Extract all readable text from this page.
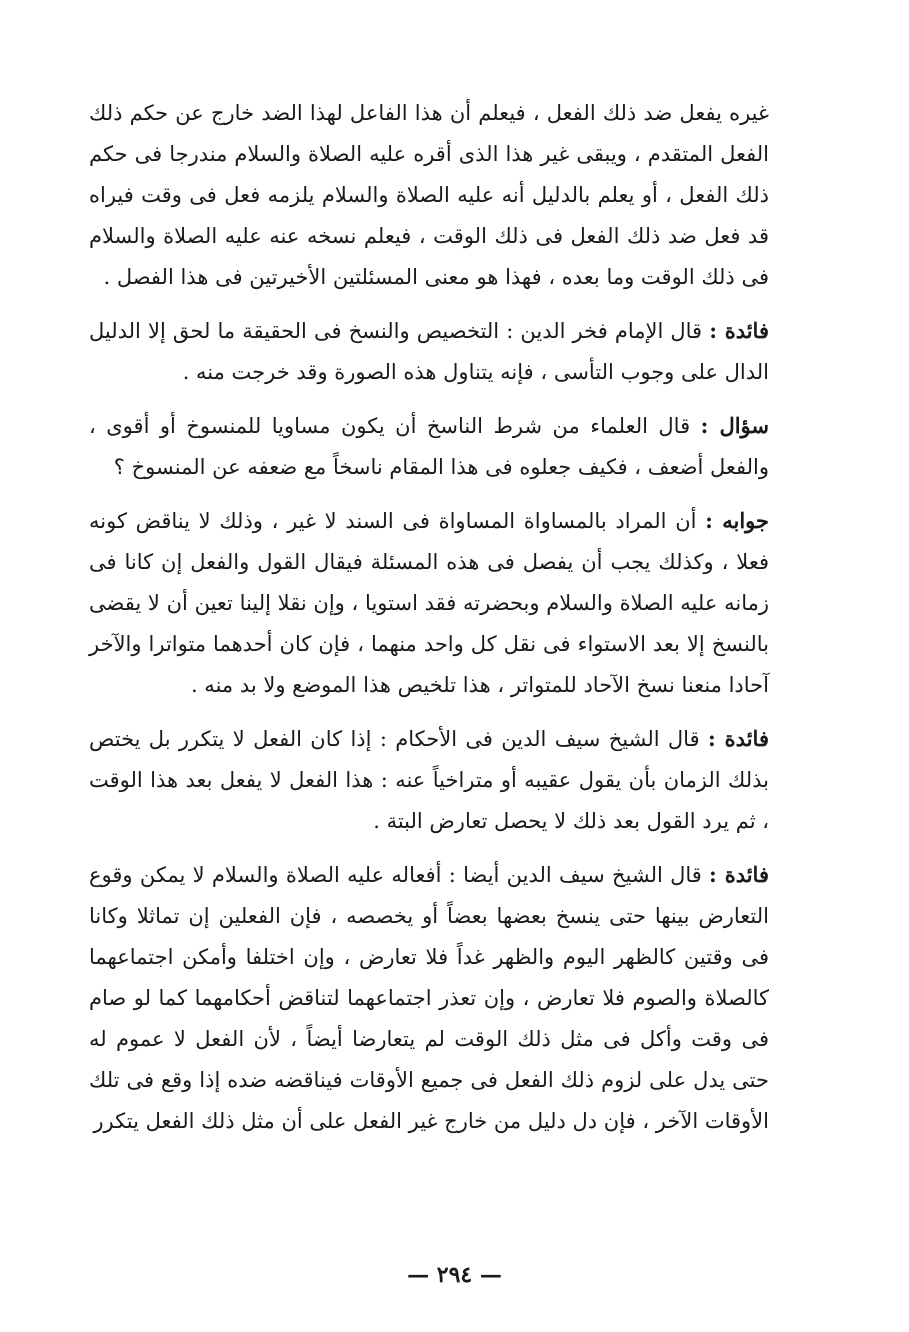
غيره يفعل ضد ذلك الفعل ، فيعلم أن هذا الفاعل لهذا الضد خارج عن حكم ذلك الفعل المتقدم ، ويبقى غير هذا الذى أقره عليه الصلاة والسلام مندرجا فى حكم ذلك الفعل ، أو يعلم بالدليل أنه عليه الصلاة والسلام يلزمه فعل فى وقت فيراه قد فعل ضد ذلك الفعل فى ذلك الوقت ، فيعلم نسخه عنه عليه الصلاة والسلام فى ذلك الوقت وما بعده ، فهذا هو معنى المسئلتين الأخيرتين فى هذا الفصل .

فائدة : قال الإمام فخر الدين : التخصيص والنسخ فى الحقيقة ما لحق إلا الدليل الدال على وجوب التأسى ، فإنه يتناول هذه الصورة وقد خرجت منه .

سؤال : قال العلماء من شرط الناسخ أن يكون مساويا للمنسوخ أو أقوى ، والفعل أضعف ، فكيف جعلوه فى هذا المقام ناسخاً مع ضعفه عن المنسوخ ؟

جوابه : أن المراد بالمساواة المساواة فى السند لا غير ، وذلك لا يناقض كونه فعلا ، وكذلك يجب أن يفصل فى هذه المسئلة فيقال القول والفعل إن كانا فى زمانه عليه الصلاة والسلام وبحضرته فقد استويا ، وإن نقلا إلينا تعين أن لا يقضى بالنسخ إلا بعد الاستواء فى نقل كل واحد منهما ، فإن كان أحدهما متواترا والآخر آحادا منعنا نسخ الآحاد للمتواتر ، هذا تلخيص هذا الموضع ولا بد منه .

فائدة : قال الشيخ سيف الدين فى الأحكام : إذا كان الفعل لا يتكرر بل يختص بذلك الزمان بأن يقول عقيبه أو متراخياً عنه : هذا الفعل لا يفعل بعد هذا الوقت ، ثم يرد القول بعد ذلك لا يحصل تعارض البتة .

فائدة : قال الشيخ سيف الدين أيضا : أفعاله عليه الصلاة والسلام لا يمكن وقوع التعارض بينها حتى ينسخ بعضها بعضاً أو يخصصه ، فإن الفعلين إن تماثلا وكانا فى وقتين كالظهر اليوم والظهر غداً فلا تعارض ، وإن اختلفا وأمكن اجتماعهما كالصلاة والصوم فلا تعارض ، وإن تعذر اجتماعهما لتناقض أحكامهما كما لو صام فى وقت وأكل فى مثل ذلك الوقت لم يتعارضا أيضاً ، لأن الفعل لا عموم له حتى يدل على لزوم ذلك الفعل فى جميع الأوقات فيناقضه ضده إذا وقع فى تلك الأوقات الآخر ، فإن دل دليل من خارج غير الفعل على أن مثل ذلك الفعل يتكرر

— ٢٩٤ —
